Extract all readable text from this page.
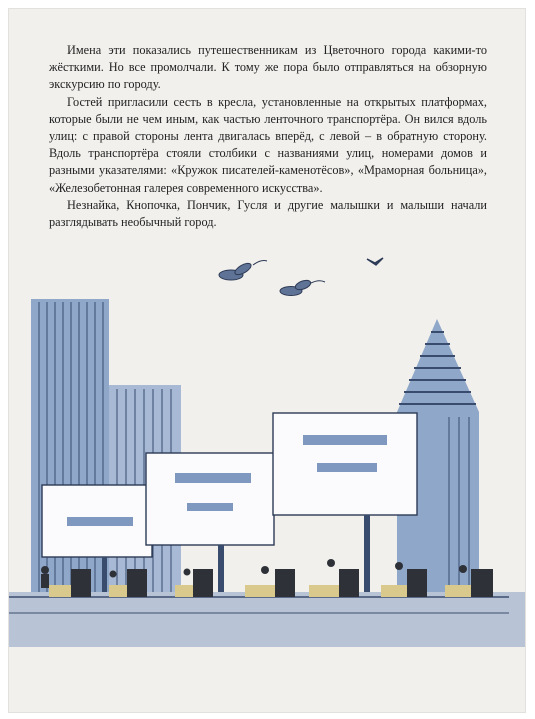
Имена эти показались путешественникам из Цветочного города какими-то жёсткими. Но все промолчали. К тому же пора было отправляться на обзорную экскурсию по городу.

Гостей пригласили сесть в кресла, установленные на открытых платформах, которые были не чем иным, как частью ленточного транспортёра. Он вился вдоль улиц: с правой стороны лента двигалась вперёд, с левой – в обратную сторону. Вдоль транспортёра стояли столбики с названиями улиц, номерами домов и разными указателями: «Кружок писателей-каменотёсов», «Мраморная больница», «Железобетонная галерея современного искусства».

Незнайка, Кнопочка, Пончик, Гусля и другие малышки и малыши начали разглядывать необычный город.
